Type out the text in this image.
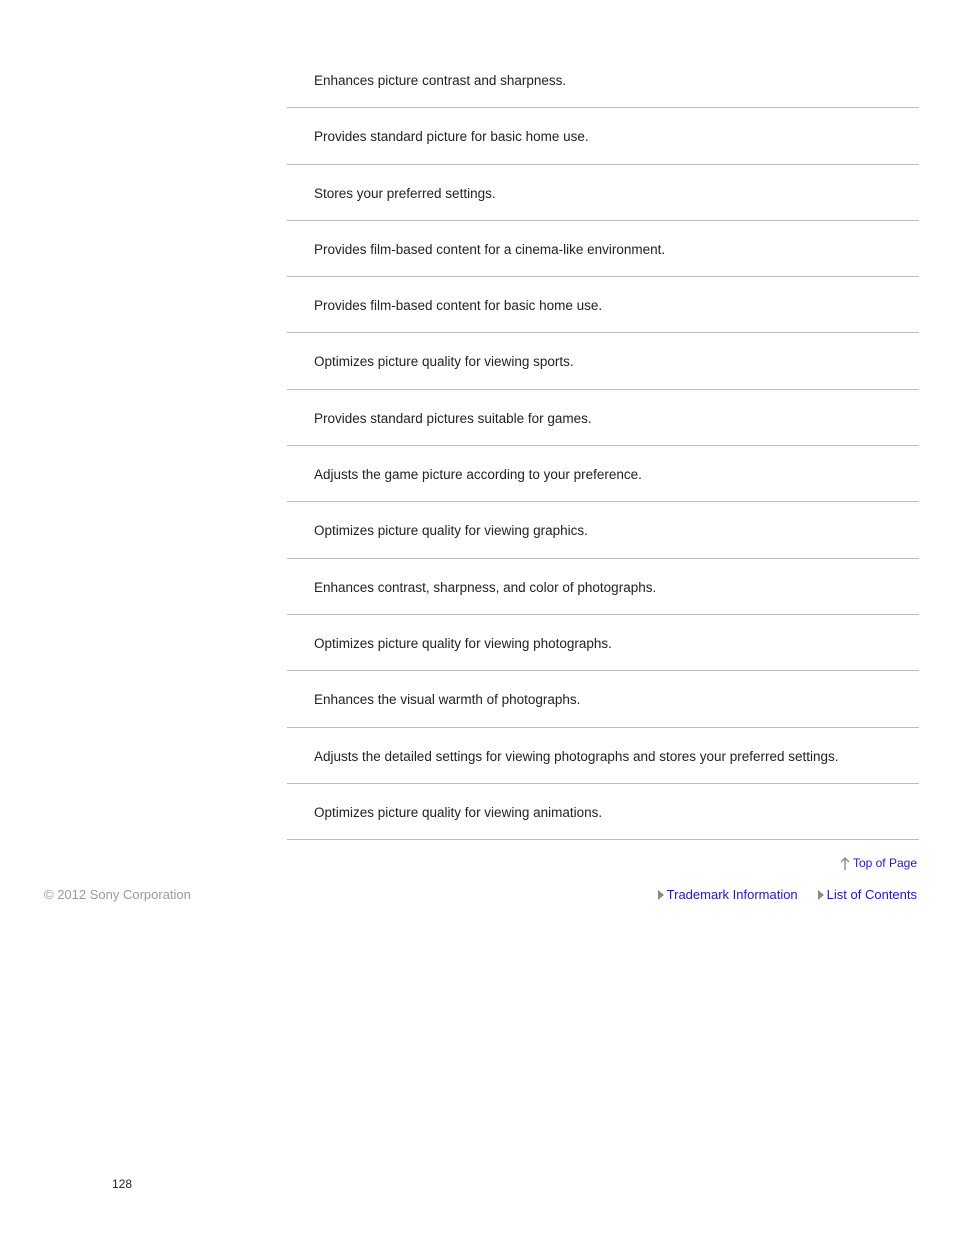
Enhances picture contrast and sharpness.
Provides standard picture for basic home use.
Stores your preferred settings.
Provides film-based content for a cinema-like environment.
Provides film-based content for basic home use.
Optimizes picture quality for viewing sports.
Provides standard pictures suitable for games.
Adjusts the game picture according to your preference.
Optimizes picture quality for viewing graphics.
Enhances contrast, sharpness, and color of photographs.
Optimizes picture quality for viewing photographs.
Enhances the visual warmth of photographs.
Adjusts the detailed settings for viewing photographs and stores your preferred settings.
Optimizes picture quality for viewing animations.
Top of Page
© 2012 Sony Corporation	Trademark Information List of Contents
128
